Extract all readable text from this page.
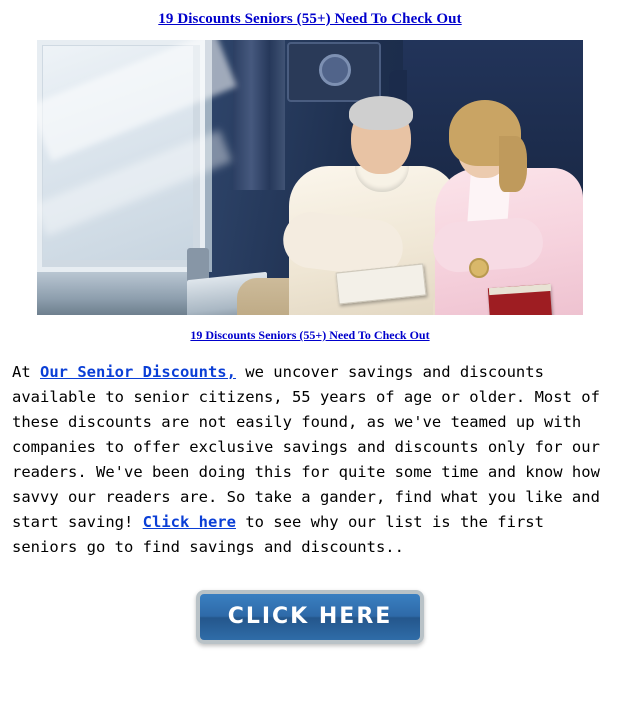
19 Discounts Seniors (55+) Need To Check Out
19 Discounts Seniors (55+) Need To Check Out

At Our Senior Discounts, we uncover savings and discounts available to senior citizens, 55 years of age or older. Most of these discounts are not easily found, as we've teamed up with companies to offer exclusive savings and discounts only for our readers. We've been doing this for quite some time and know how savvy our readers are. So take a gander, find what you like and start saving! Click here to see why our list is the first seniors go to find savings and discounts..

CLICK HERE
